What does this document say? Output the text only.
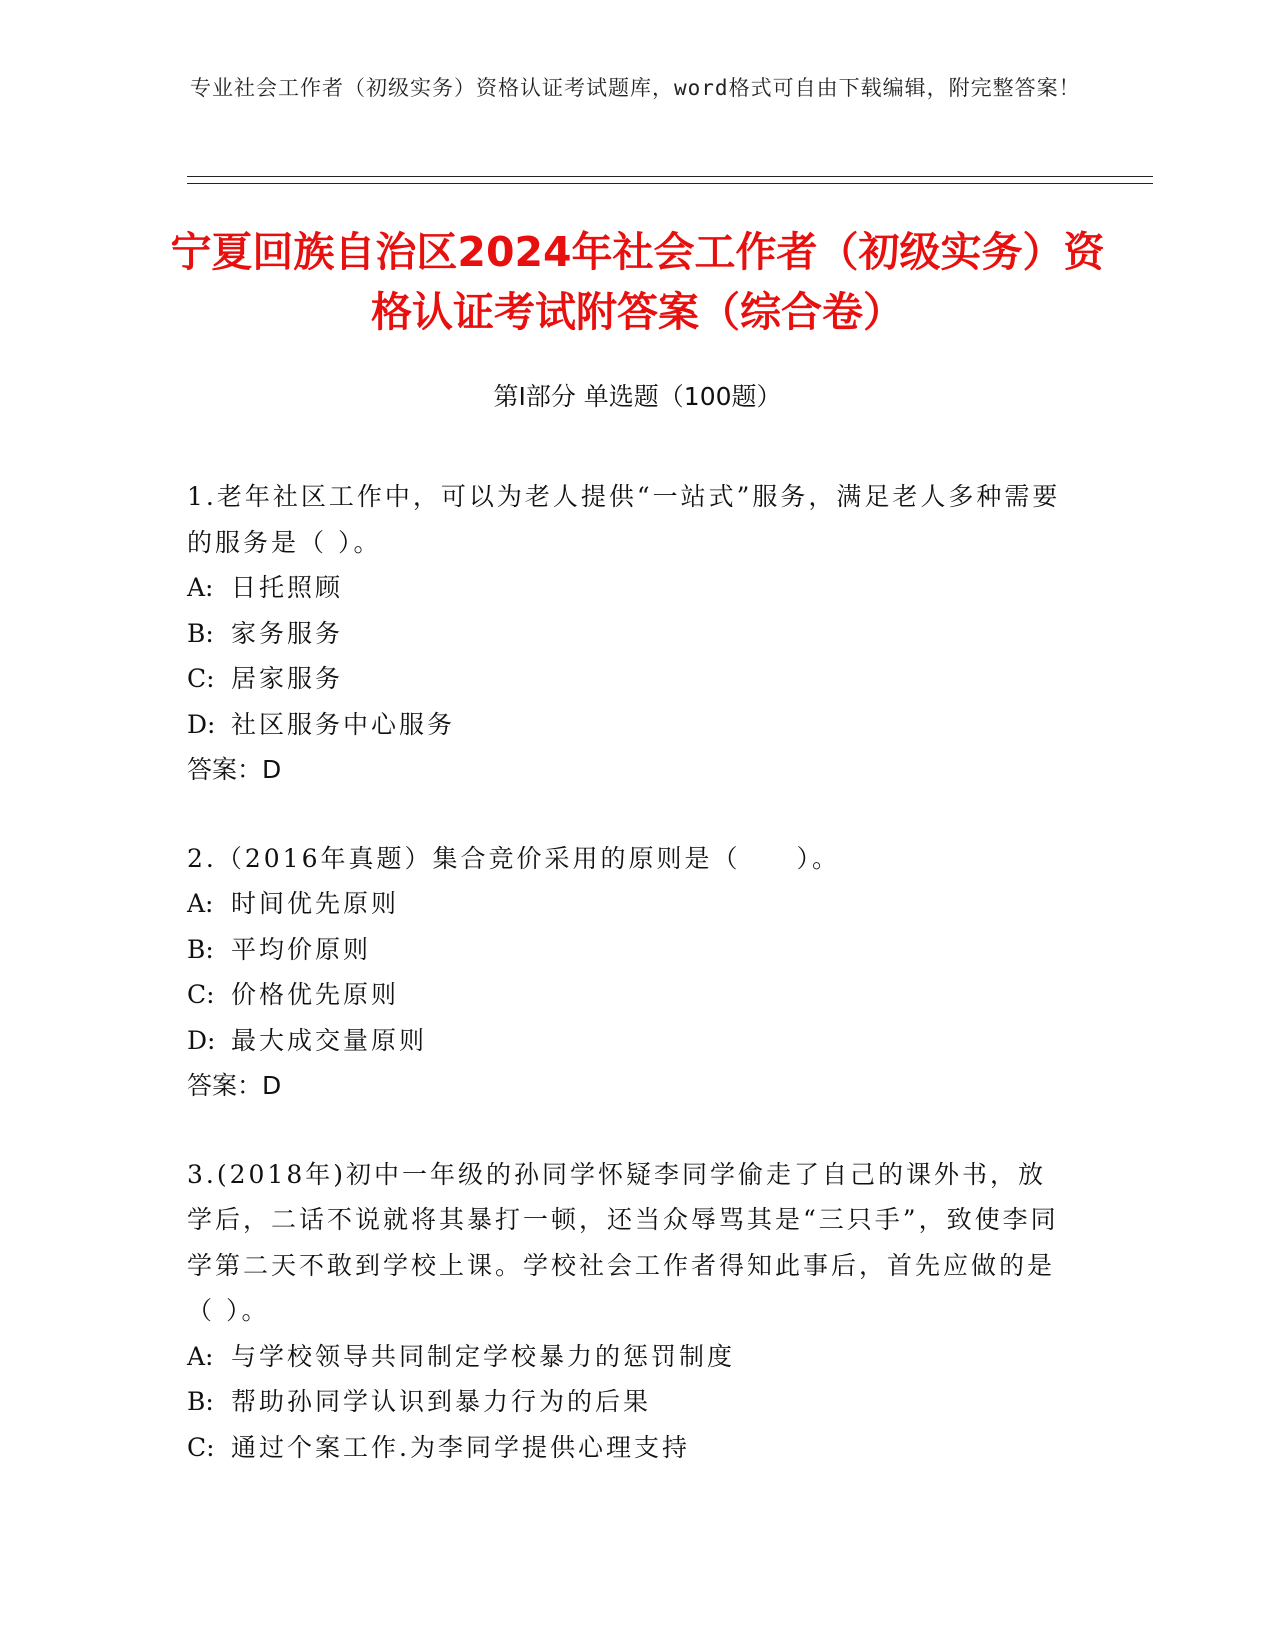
专业社会工作者（初级实务）资格认证考试题库，word格式可自由下载编辑，附完整答案！
宁夏回族自治区2024年社会工作者（初级实务）资格认证考试附答案（综合卷）
第Ⅰ部分 单选题（100题）
1.老年社区工作中，可以为老人提供“一站式”服务，满足老人多种需要的服务是（ ）。
A: 日托照顾
B: 家务服务
C: 居家服务
D: 社区服务中心服务
答案：D
2.（2016年真题）集合竞价采用的原则是（　　）。
A: 时间优先原则
B: 平均价原则
C: 价格优先原则
D: 最大成交量原则
答案：D
3.(2018年)初中一年级的孙同学怀疑李同学偷走了自己的课外书，放学后，二话不说就将其暴打一顿，还当众辱骂其是“三只手”，致使李同学第二天不敢到学校上课。学校社会工作者得知此事后，首先应做的是（ ）。
A: 与学校领导共同制定学校暴力的惩罚制度
B: 帮助孙同学认识到暴力行为的后果
C: 通过个案工作.为李同学提供心理支持
